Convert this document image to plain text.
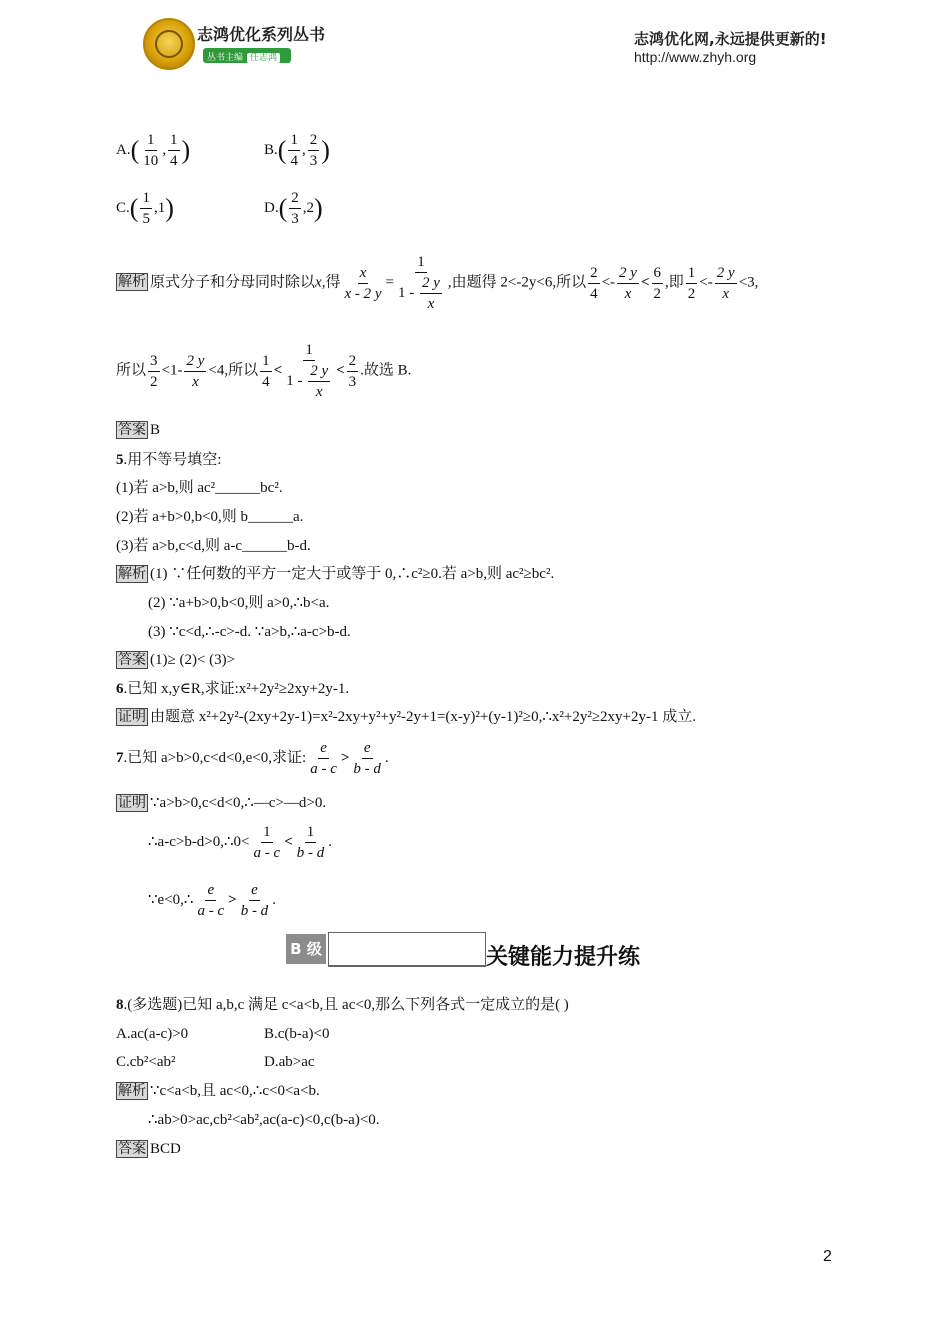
志鸿优化系列丛书
丛书主编 任志鸿
志鸿优化网,永远提供更新的!
http://www.zhyh.org
$A.( \frac{1}{10}$ , $\frac{1}{4}$ )	$B.( \frac{1}{4}$ , $\frac{2}{3}$ )
$C.( \frac{1}{5} ,1)$	$D.( \frac{2}{3} ,2)$
解析 原式分子和分母同时除以x,得 $\frac{x}{x - 2 y} = \frac{1}{1 - \frac{2 y}{x}}$ ,由题得 2<-2y<6,所以 $\frac{2}{4} <- \frac{2 y}{x} < \frac{6}{2}$ ,即 $\frac{1}{2} <- \frac{2 y}{x} <3$,
所以 $\frac{3}{2} <1- \frac{2 y}{x} <4$,所以 $\frac{1}{4} < \frac{1}{1 - \frac{2 y}{x}} < \frac{2}{3}$ .故选 B.
答案 B
5.用不等号填空:
(1)若 a>b,则 ac²______bc².
(2)若 a+b>0,b<0,则 b______a.
(3)若 a>b,c<d,则 a-c______b-d.
解析 (1) ∵任何数的平方一定大于或等于 0,∴c²≥0.若 a>b,则 ac²≥bc².
(2) ∵a+b>0,b<0,则 a>0,∴b<a.
(3) ∵c<d,∴-c>-d. ∵a>b,∴a-c>b-d.
答案 (1)≥ (2)< (3)>
6.已知 x,y∈R,求证:x²+2y²≥2xy+2y-1.
证明 由题意 x²+2y²-(2xy+2y-1)=x²-2xy+y²+y²-2y+1=(x-y)²+(y-1)²≥0,∴x²+2y²≥2xy+2y-1 成立.
7.已知 a>b>0,c<d<0,e<0,求证: $\frac{e}{a - c} > \frac{e}{b - d}$ .
证明 ∵a>b>0,c<d<0,∴—c>—d>0.
∴a-c>b-d>0,∴0< $\frac{1}{a - c} < \frac{1}{b - d}$ .
∵e<0,∴ $\frac{e}{a - c} > \frac{e}{b - d}$ .
B 级	关键能力提升练
8.(多选题)已知 a,b,c 满足 c<a<b,且 ac<0,那么下列各式一定成立的是( )
A.ac(a-c)>0	B.c(b-a)<0
C.cb²<ab²	D.ab>ac
解析 ∵c<a<b,且 ac<0,∴c<0<a<b.
∴ab>0>ac,cb²<ab²,ac(a-c)<0,c(b-a)<0.
答案 BCD
2
